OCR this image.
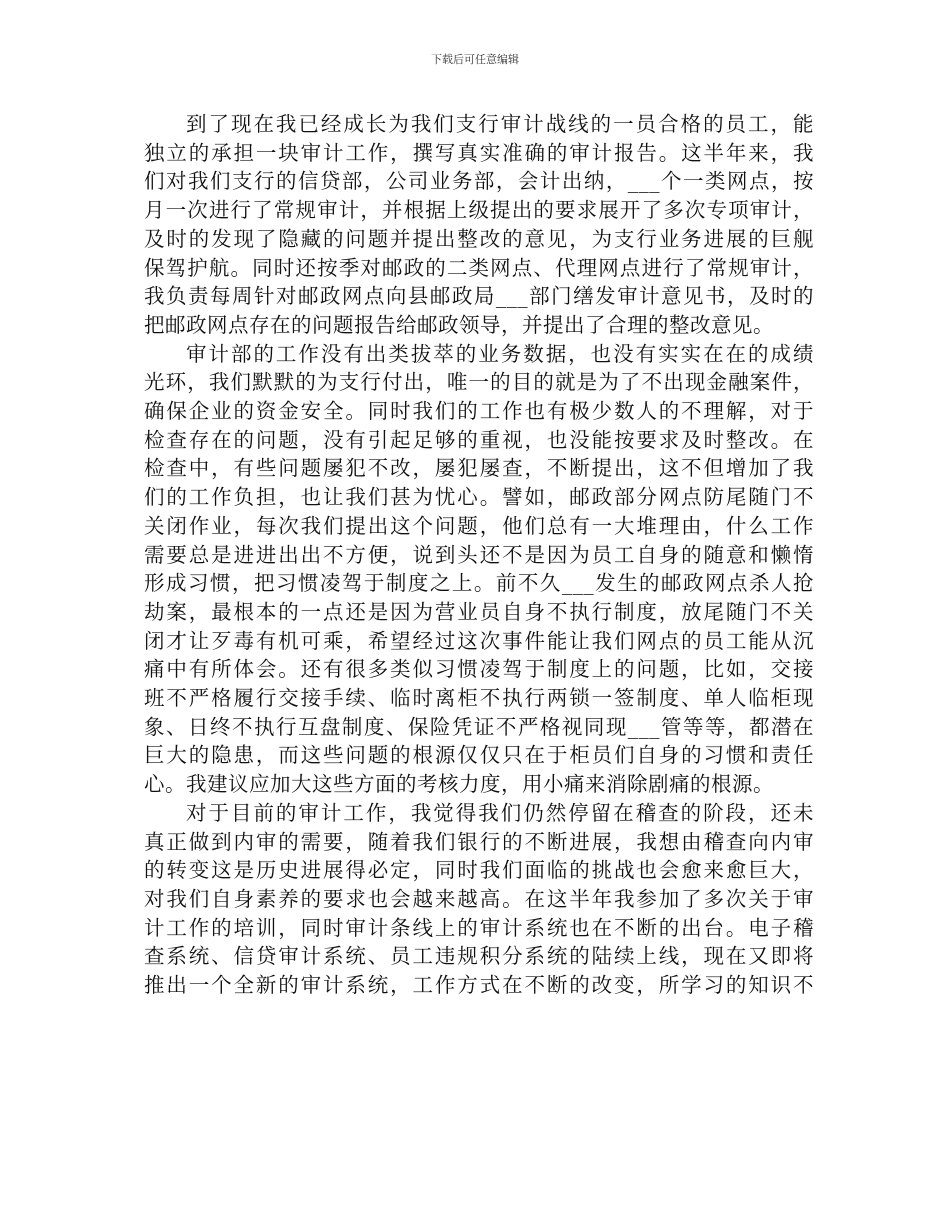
下载后可任意编辑
到了现在我已经成长为我们支行审计战线的一员合格的员工，能
独立的承担一块审计工作，撰写真实准确的审计报告。这半年来，我
们对我们支行的信贷部，公司业务部，会计出纳，___个一类网点，按
月一次进行了常规审计，并根据上级提出的要求展开了多次专项审计，
及时的发现了隐藏的问题并提出整改的意见，为支行业务进展的巨舰
保驾护航。同时还按季对邮政的二类网点、代理网点进行了常规审计，
我负责每周针对邮政网点向县邮政局___部门缮发审计意见书，及时的
把邮政网点存在的问题报告给邮政领导，并提出了合理的整改意见。
审计部的工作没有出类拔萃的业务数据，也没有实实在在的成绩
光环，我们默默的为支行付出，唯一的目的就是为了不出现金融案件，
确保企业的资金安全。同时我们的工作也有极少数人的不理解，对于
检查存在的问题，没有引起足够的重视，也没能按要求及时整改。在
检查中，有些问题屡犯不改，屡犯屡查，不断提出，这不但增加了我
们的工作负担，也让我们甚为忧心。譬如，邮政部分网点防尾随门不
关闭作业，每次我们提出这个问题，他们总有一大堆理由，什么工作
需要总是进进出出不方便，说到头还不是因为员工自身的随意和懒惰
形成习惯，把习惯凌驾于制度之上。前不久___发生的邮政网点杀人抢
劫案，最根本的一点还是因为营业员自身不执行制度，放尾随门不关
闭才让歹毒有机可乘，希望经过这次事件能让我们网点的员工能从沉
痛中有所体会。还有很多类似习惯凌驾于制度上的问题，比如，交接
班不严格履行交接手续、临时离柜不执行两锁一签制度、单人临柜现
象、日终不执行互盘制度、保险凭证不严格视同现___管等等，都潜在
巨大的隐患，而这些问题的根源仅仅只在于柜员们自身的习惯和责任
心。我建议应加大这些方面的考核力度，用小痛来消除剧痛的根源。
对于目前的审计工作，我觉得我们仍然停留在稽查的阶段，还未
真正做到内审的需要，随着我们银行的不断进展，我想由稽查向内审
的转变这是历史进展得必定，同时我们面临的挑战也会愈来愈巨大，
对我们自身素养的要求也会越来越高。在这半年我参加了多次关于审
计工作的培训，同时审计条线上的审计系统也在不断的出台。电子稽
查系统、信贷审计系统、员工违规积分系统的陆续上线，现在又即将
推出一个全新的审计系统，工作方式在不断的改变，所学习的知识不
